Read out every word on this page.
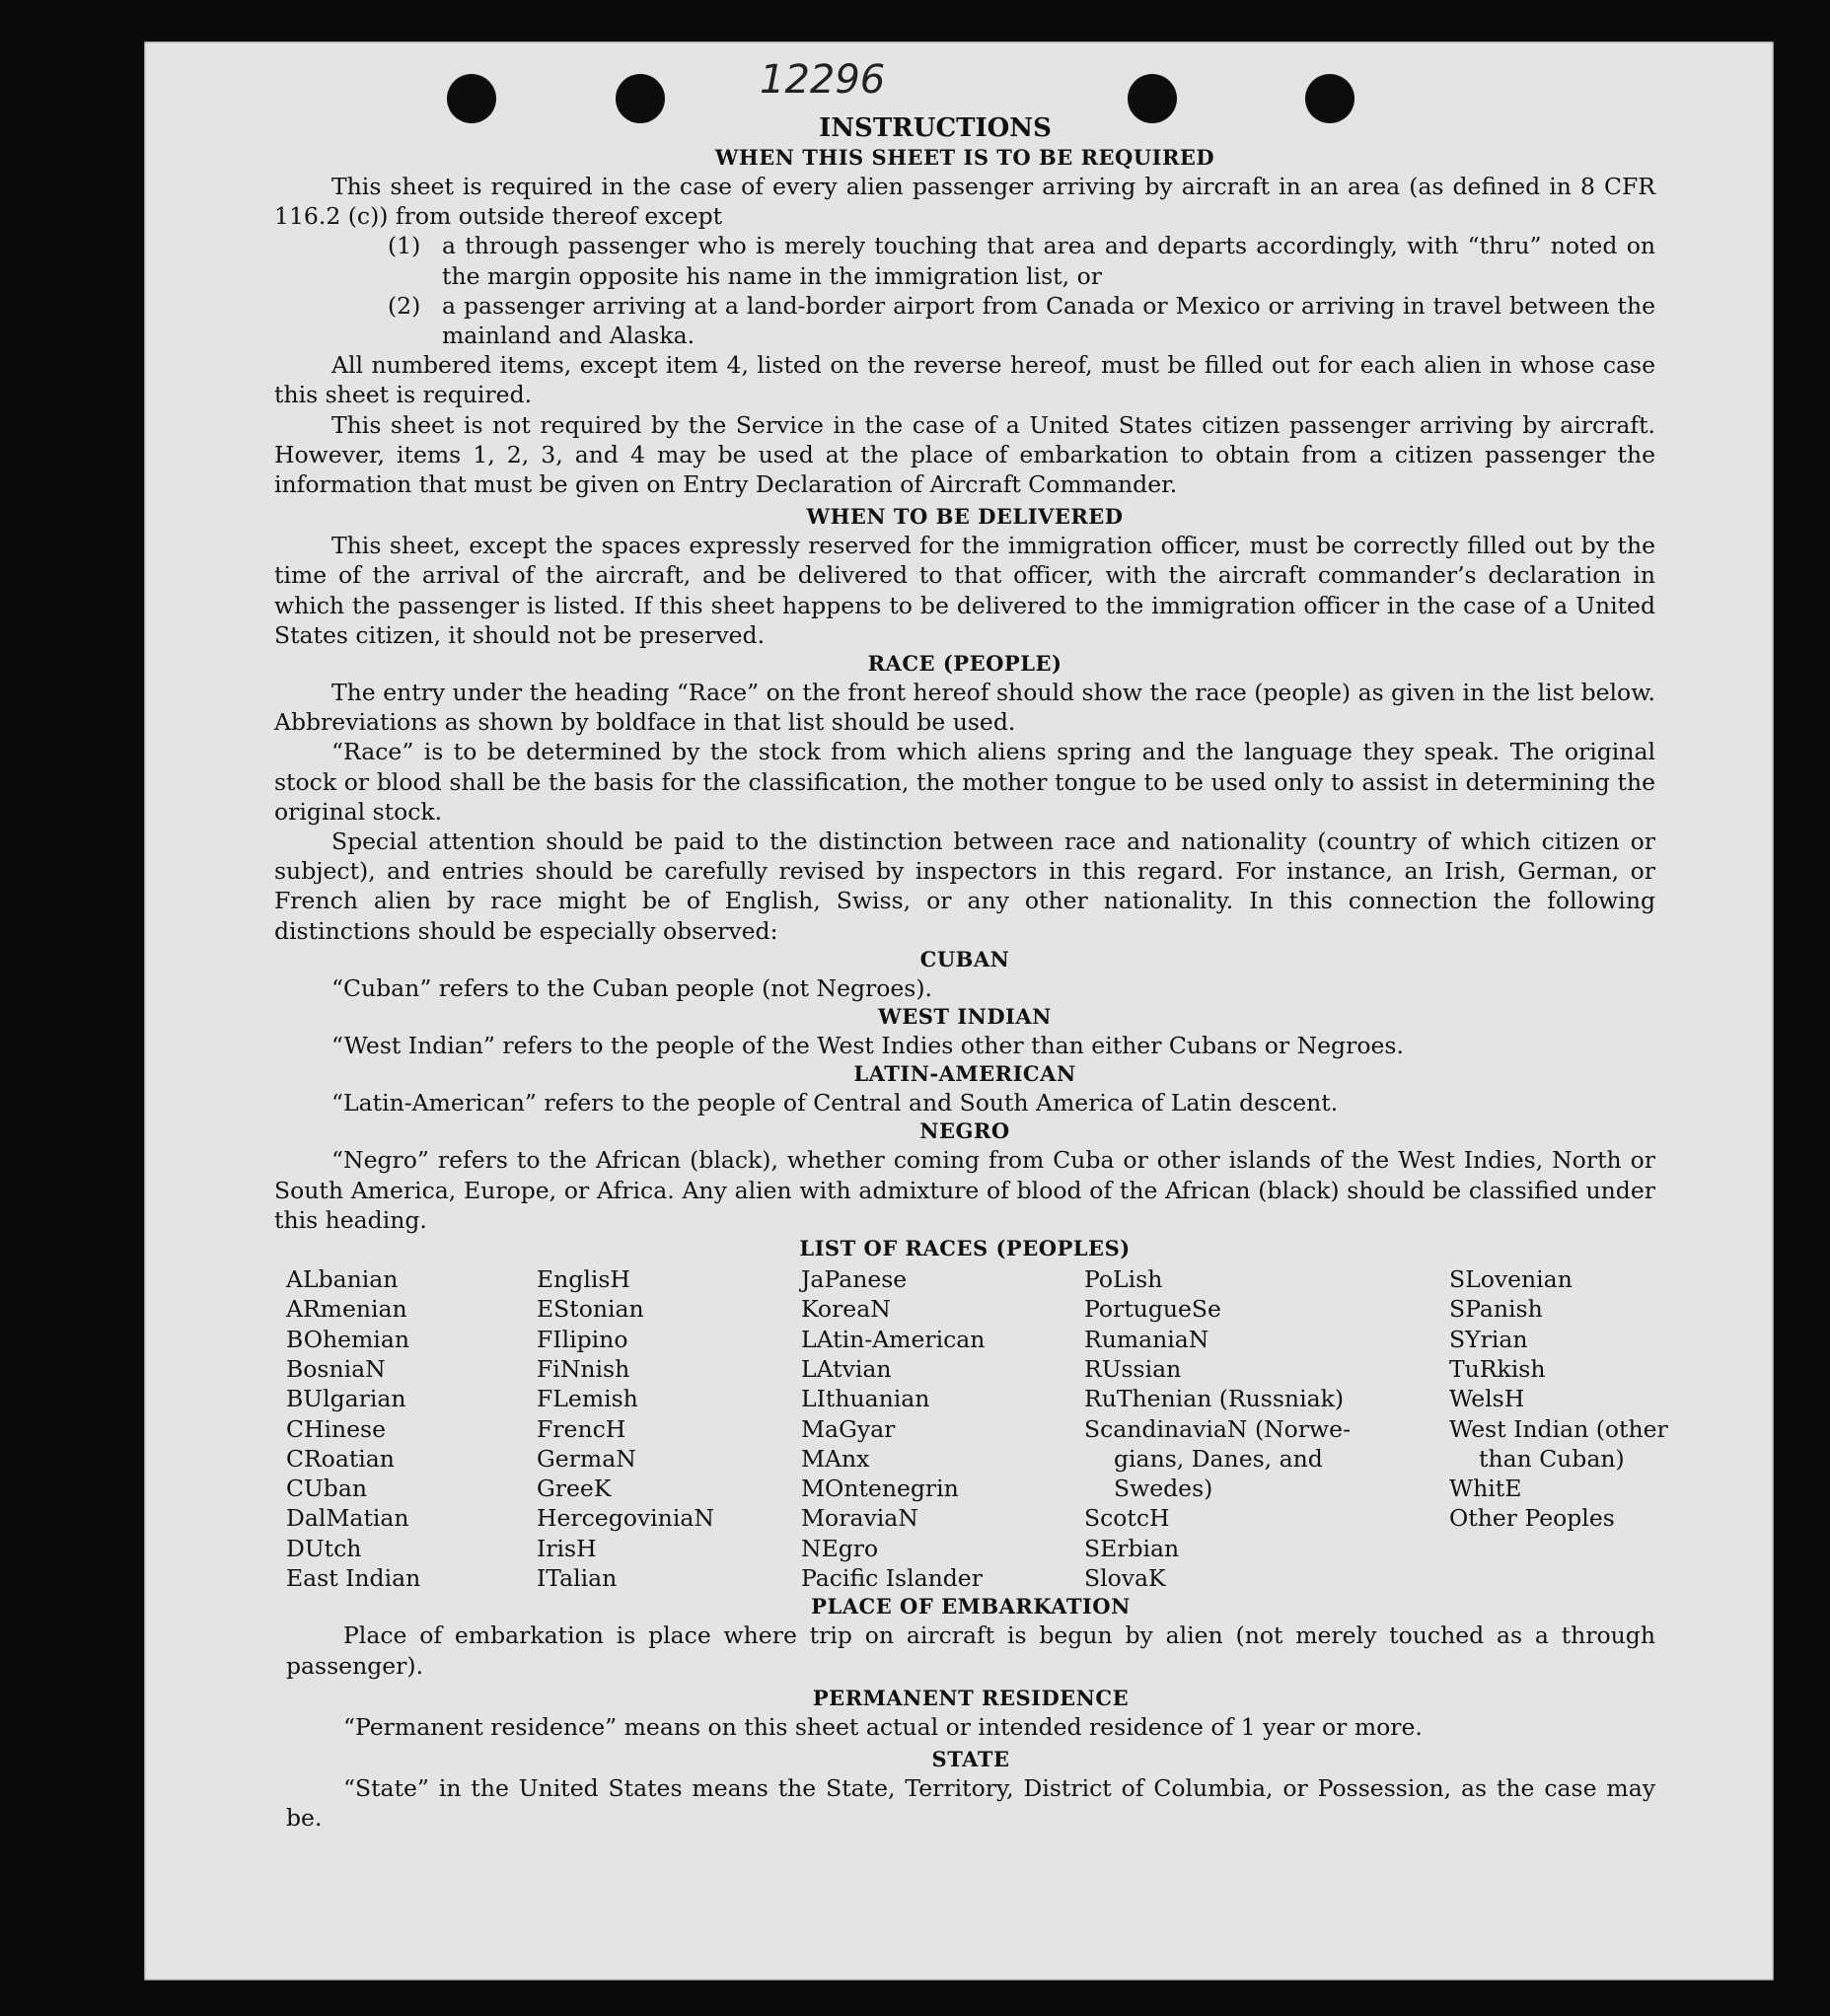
12296
INSTRUCTIONS
WHEN THIS SHEET IS TO BE REQUIRED

This sheet is required in the case of every alien passenger arriving by aircraft in an area (as defined in 8 CFR 116.2 (c)) from outside thereof except

(1) a through passenger who is merely touching that area and departs accordingly, with “thru” noted on the margin opposite his name in the immigration list, or
(2) a passenger arriving at a land-border airport from Canada or Mexico or arriving in travel between the mainland and Alaska.

All numbered items, except item 4, listed on the reverse hereof, must be filled out for each alien in whose case this sheet is required.

This sheet is not required by the Service in the case of a United States citizen passenger arriving by aircraft. However, items 1, 2, 3, and 4 may be used at the place of embarkation to obtain from a citizen passenger the information that must be given on Entry Declaration of Aircraft Commander.

WHEN TO BE DELIVERED

This sheet, except the spaces expressly reserved for the immigration officer, must be correctly filled out by the time of the arrival of the aircraft, and be delivered to that officer, with the aircraft commander’s declaration in which the passenger is listed. If this sheet happens to be delivered to the immigration officer in the case of a United States citizen, it should not be preserved.

RACE (PEOPLE)

The entry under the heading “Race” on the front hereof should show the race (people) as given in the list below. Abbreviations as shown by boldface in that list should be used.

“Race” is to be determined by the stock from which aliens spring and the language they speak. The original stock or blood shall be the basis for the classification, the mother tongue to be used only to assist in determining the original stock.

Special attention should be paid to the distinction between race and nationality (country of which citizen or subject), and entries should be carefully revised by inspectors in this regard. For instance, an Irish, German, or French alien by race might be of English, Swiss, or any other nationality. In this connection the following distinctions should be especially observed:

CUBAN

“Cuban” refers to the Cuban people (not Negroes).

WEST INDIAN

“West Indian” refers to the people of the West Indies other than either Cubans or Negroes.

LATIN-AMERICAN

“Latin-American” refers to the people of Central and South America of Latin descent.

NEGRO

“Negro” refers to the African (black), whether coming from Cuba or other islands of the West Indies, North or South America, Europe, or Africa. Any alien with admixture of blood of the African (black) should be classified under this heading.

LIST OF RACES (PEOPLES)
ALbanian
ARmenian
BOhemian
BosniaN
BUlgarian
CHinese
CRoatian
CUban
DalMatian
DUtch
East Indian
EnglisH
EStonian
FIlipino
FiNnish
FLemish
FrencH
GermaN
GreeK
HercegoviniaN
IrisH
ITalian
JaPanese
KoreaN
LAtin-American
LAtvian
LIthuanian
MaGyar
MAnx
MOntenegrin
MoraviaN
NEgro
Pacific Islander
PoLish
PortugueSe
RumaniaN
RUssian
RuThenian (Russniak)
ScandinaviaN (Norwe-
gians, Danes, and
Swedes)
ScotcH
SErbian
SlovaK
SLovenian
SPanish
SYrian
TuRkish
WelsH
West Indian (other
than Cuban)
WhitE
Other Peoples
PLACE OF EMBARKATION

Place of embarkation is place where trip on aircraft is begun by alien (not merely touched as a through passenger).

PERMANENT RESIDENCE

“Permanent residence” means on this sheet actual or intended residence of 1 year or more.

STATE

“State” in the United States means the State, Territory, District of Columbia, or Possession, as the case may be.
